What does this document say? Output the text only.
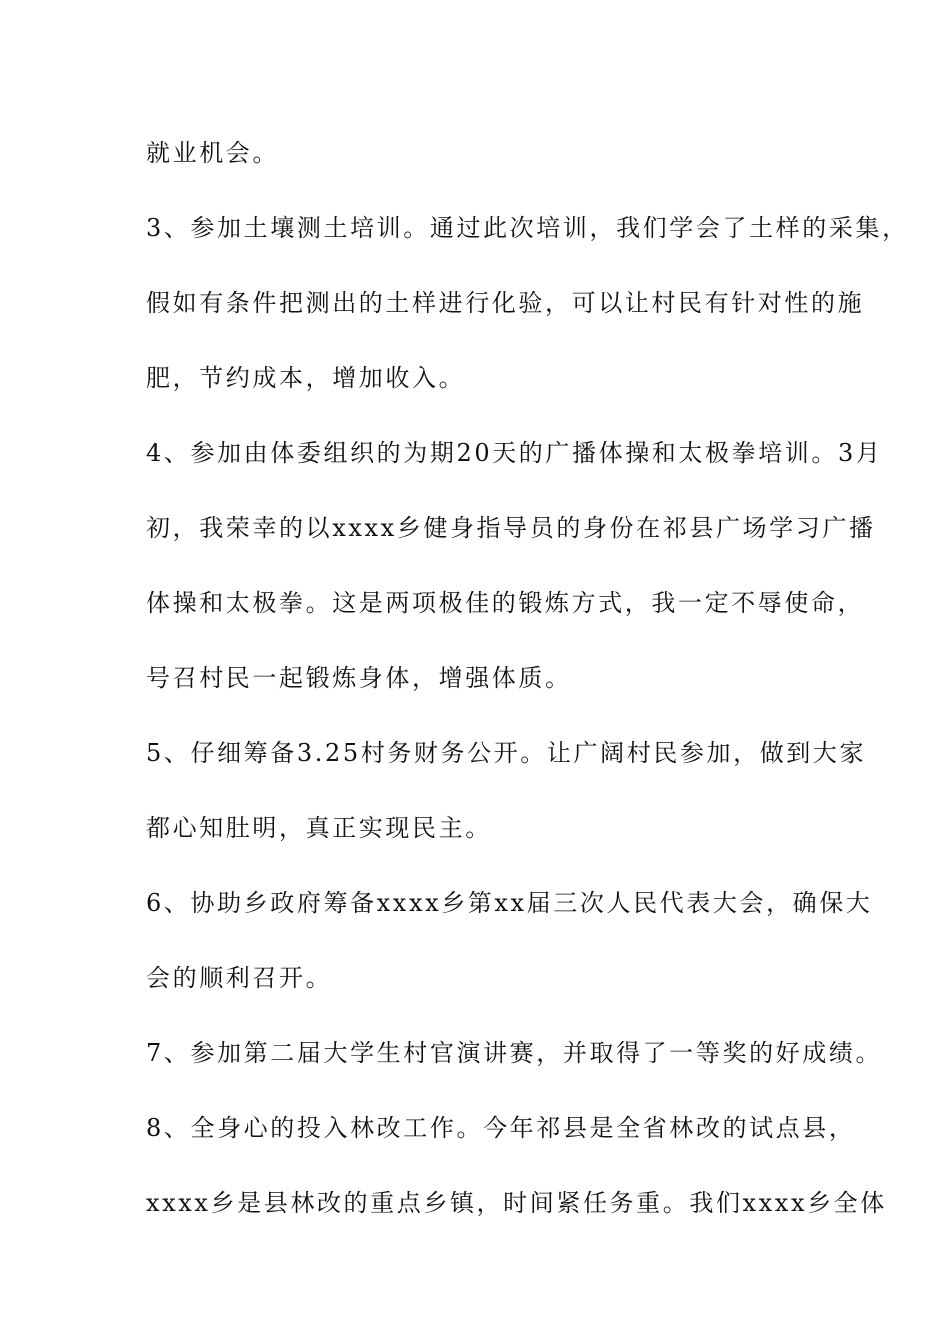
就业机会。

3、参加土壤测土培训。通过此次培训，我们学会了土样的采集，

假如有条件把测出的土样进行化验，可以让村民有针对性的施

肥，节约成本，增加收入。

4、参加由体委组织的为期20天的广播体操和太极拳培训。3月

初，我荣幸的以xxxx乡健身指导员的身份在祁县广场学习广播

体操和太极拳。这是两项极佳的锻炼方式，我一定不辱使命，

号召村民一起锻炼身体，增强体质。

5、仔细筹备3.25村务财务公开。让广阔村民参加，做到大家

都心知肚明，真正实现民主。

6、协助乡政府筹备xxxx乡第xx届三次人民代表大会，确保大

会的顺利召开。

7、参加第二届大学生村官演讲赛，并取得了一等奖的好成绩。

8、全身心的投入林改工作。今年祁县是全省林改的试点县，

xxxx乡是县林改的重点乡镇，时间紧任务重。我们xxxx乡全体
